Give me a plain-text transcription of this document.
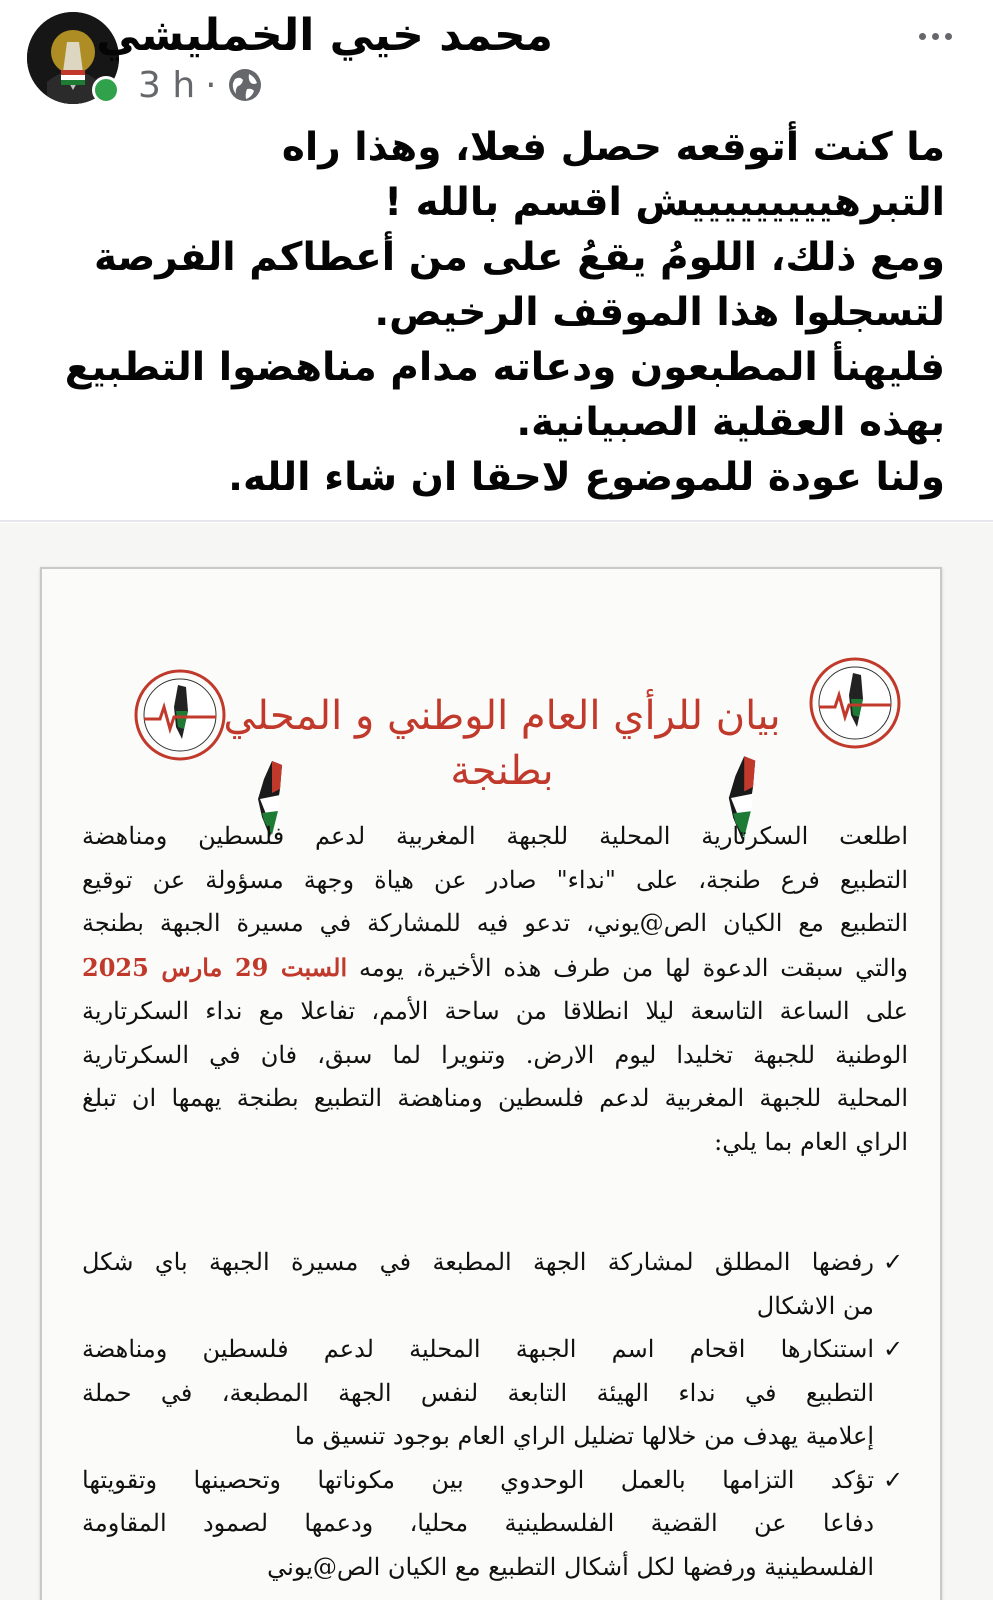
محمد خيي الخمليشي
3 h ·
ما كنت أتوقعه حصل فعلا، وهذا راه
التبرهيييييييييش اقسم بالله !
ومع ذلك، اللومُ يقعُ على من أعطاكم الفرصة
لتسجلوا هذا الموقف الرخيص.
فليهنأ المطبعون ودعاته مدام مناهضوا التطبيع
بهذه العقلية الصبيانية.
ولنا عودة للموضوع لاحقا ان شاء الله.
بيان للرأي العام الوطني و المحلي
بطنجة
اطلعت السكرتارية المحلية للجبهة المغربية لدعم فلسطين ومناهضة
التطبيع فرع طنجة، على "نداء" صادر عن هياة وجهة مسؤولة عن توقيع
التطبيع مع الكيان الص@يوني، تدعو فيه للمشاركة في مسيرة الجبهة بطنجة
والتي سبقت الدعوة لها من طرف هذه الأخيرة، يومه السبت 29 مارس 2025
على الساعة التاسعة ليلا انطلاقا من ساحة الأمم، تفاعلا مع نداء السكرتارية
الوطنية للجبهة تخليدا ليوم الارض. وتنويرا لما سبق، فان في السكرتارية
المحلية للجبهة المغربية لدعم فلسطين ومناهضة التطبيع بطنجة يهمها ان تبلغ
الراي العام بما يلي:
✓
رفضها المطلق لمشاركة الجهة المطبعة في مسيرة الجبهة باي شكل
من الاشكال
✓
استنكارها اقحام اسم الجبهة المحلية لدعم فلسطين ومناهضة
التطبيع في نداء الهيئة التابعة لنفس الجهة المطبعة، في حملة
إعلامية يهدف من خلالها تضليل الراي العام بوجود تنسيق ما
✓
تؤكد التزامها بالعمل الوحدوي بين مكوناتها وتحصينها وتقويتها
دفاعا عن القضية الفلسطينية محليا، ودعمها لصمود المقاومة
الفلسطينية ورفضها لكل أشكال التطبيع مع الكيان الص@يوني
